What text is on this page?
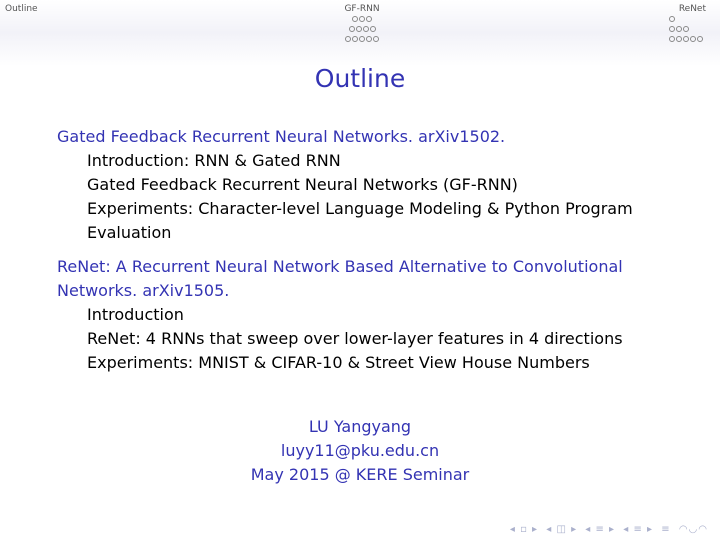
Outline	GF-RNN	ReNet
Outline
Gated Feedback Recurrent Neural Networks. arXiv1502.
Introduction: RNN & Gated RNN
Gated Feedback Recurrent Neural Networks (GF-RNN)
Experiments: Character-level Language Modeling & Python Program Evaluation
ReNet: A Recurrent Neural Network Based Alternative to Convolutional Networks. arXiv1505.
Introduction
ReNet: 4 RNNs that sweep over lower-layer features in 4 directions
Experiments: MNIST & CIFAR-10 & Street View House Numbers
LU Yangyang
luyy11@pku.edu.cn
May 2015 @ KERE Seminar
◂ ▫ ▸ ◂ ◫ ▸ ◂ ≡ ▸ ◂ ≡ ▸ ≡ ◠◡◠
